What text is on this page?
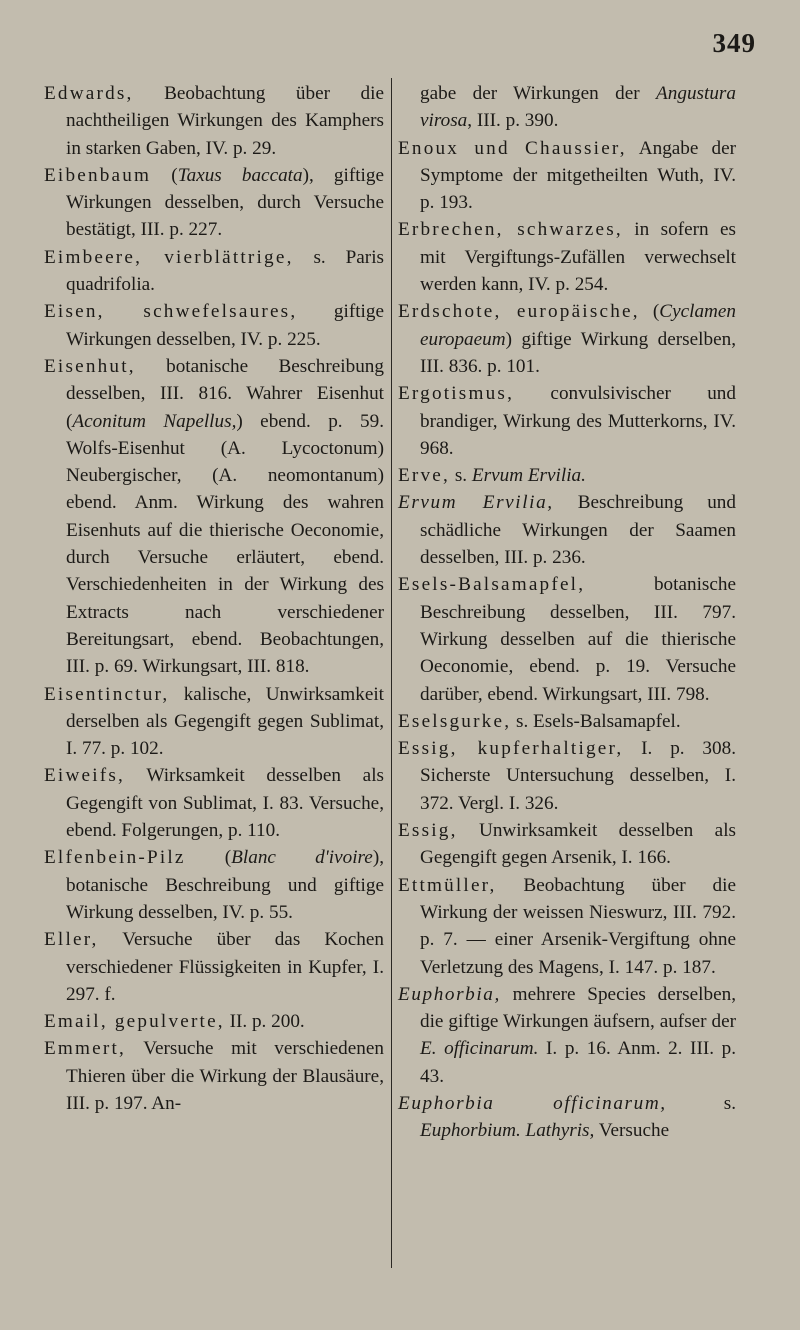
349

Edwards, Beobachtung über die nachtheiligen Wirkungen des Kamphers in starken Gaben, IV. p. 29.

Eibenbaum (Taxus baccata), giftige Wirkungen desselben, durch Versuche bestätigt, III. p. 227.

Eimbeere, vierblättrige, s. Paris quadrifolia.

Eisen, schwefelsaures, giftige Wirkungen desselben, IV. p. 225.

Eisenhut, botanische Beschreibung desselben, III. 816. Wahrer Eisenhut (Aconitum Napellus,) ebend. p. 59. Wolfs-Eisenhut (A. Lycoctonum) Neubergischer, (A. neomontanum) ebend. Anm. Wirkung des wahren Eisenhuts auf die thierische Oeconomie, durch Versuche erläutert, ebend. Verschiedenheiten in der Wirkung des Extracts nach verschiedener Bereitungsart, ebend. Beobachtungen, III. p. 69. Wirkungsart, III. 818.

Eisentinctur, kalische, Unwirksamkeit derselben als Gegengift gegen Sublimat, I. 77. p. 102.

Eiweifs, Wirksamkeit desselben als Gegengift von Sublimat, I. 83. Versuche, ebend. Folgerungen, p. 110.

Elfenbein-Pilz (Blanc d'ivoire), botanische Beschreibung und giftige Wirkung desselben, IV. p. 55.

Eller, Versuche über das Kochen verschiedener Flüssigkeiten in Kupfer, I. 297. f.

Email, gepulverte, II. p. 200.

Emmert, Versuche mit verschiedenen Thieren über die Wirkung der Blausäure, III. p. 197. An-

gabe der Wirkungen der Angustura virosa, III. p. 390.

Enoux und Chaussier, Angabe der Symptome der mitgetheilten Wuth, IV. p. 193.

Erbrechen, schwarzes, in sofern es mit Vergiftungs-Zufällen verwechselt werden kann, IV. p. 254.

Erdschote, europäische, (Cyclamen europaeum) giftige Wirkung derselben, III. 836. p. 101.

Ergotismus, convulsivischer und brandiger, Wirkung des Mutterkorns, IV. 968.

Erve, s. Ervum Ervilia.

Ervum Ervilia, Beschreibung und schädliche Wirkungen der Saamen desselben, III. p. 236.

Esels-Balsamapfel, botanische Beschreibung desselben, III. 797. Wirkung desselben auf die thierische Oeconomie, ebend. p. 19. Versuche darüber, ebend. Wirkungsart, III. 798.

Eselsgurke, s. Esels-Balsamapfel.

Essig, kupferhaltiger, I. p. 308. Sicherste Untersuchung desselben, I. 372. Vergl. I. 326.

Essig, Unwirksamkeit desselben als Gegengift gegen Arsenik, I. 166.

Ettmüller, Beobachtung über die Wirkung der weissen Nieswurz, III. 792. p. 7. — einer Arsenik-Vergiftung ohne Verletzung des Magens, I. 147. p. 187.

Euphorbia, mehrere Species derselben, die giftige Wirkungen äufsern, aufser der E. officinarum. I. p. 16. Anm. 2. III. p. 43.

Euphorbia officinarum, s. Euphorbium. Lathyris, Versuche
